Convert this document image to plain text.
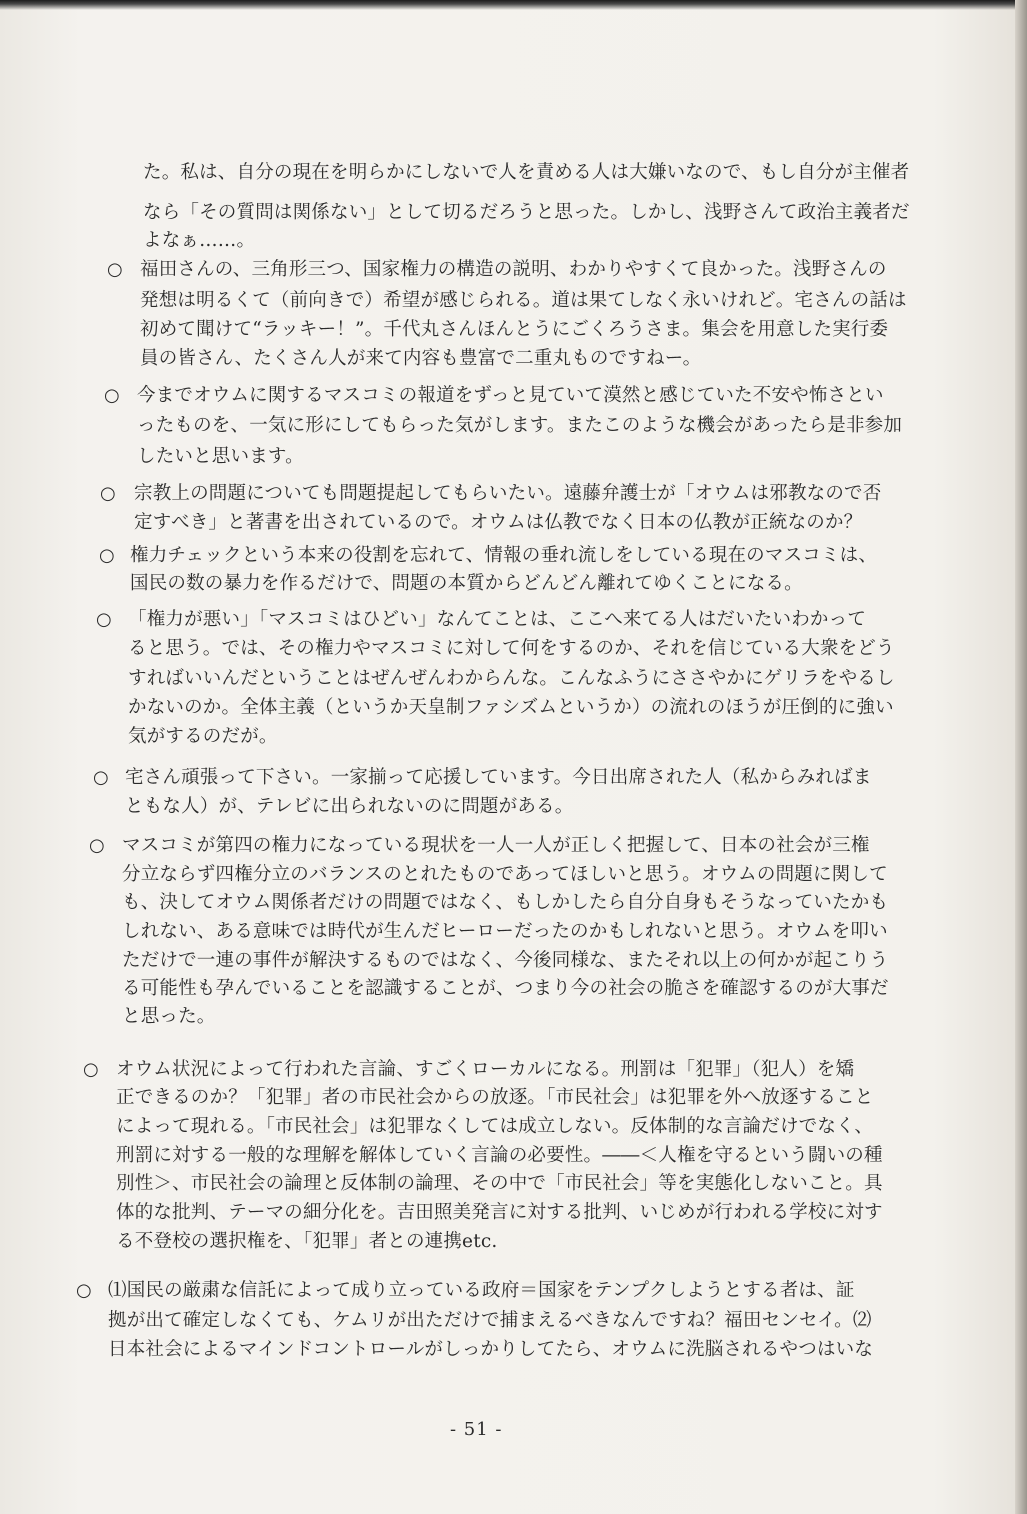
た。私は、自分の現在を明らかにしないで人を責める人は大嫌いなので、もし自分が主催者
なら「その質問は関係ない」として切るだろうと思った。しかし、浅野さんて政治主義者だ
よなぁ……。
○ 福田さんの、三角形三つ、国家権力の構造の説明、わかりやすくて良かった。浅野さんの
発想は明るくて（前向きで）希望が感じられる。道は果てしなく永いけれど。宅さんの話は
初めて聞けて“ラッキー！”。千代丸さんほんとうにごくろうさま。集会を用意した実行委
員の皆さん、たくさん人が来て内容も豊富で二重丸ものですねー。
○ 今までオウムに関するマスコミの報道をずっと見ていて漠然と感じていた不安や怖さとい
ったものを、一気に形にしてもらった気がします。またこのような機会があったら是非参加
したいと思います。
○ 宗教上の問題についても問題提起してもらいたい。遠藤弁護士が「オウムは邪教なので否
定すべき」と著書を出されているので。オウムは仏教でなく日本の仏教が正統なのか？
○ 権力チェックという本来の役割を忘れて、情報の垂れ流しをしている現在のマスコミは、
国民の数の暴力を作るだけで、問題の本質からどんどん離れてゆくことになる。
○ 「権力が悪い」「マスコミはひどい」なんてことは、ここへ来てる人はだいたいわかって
ると思う。では、その権力やマスコミに対して何をするのか、それを信じている大衆をどう
すればいいんだということはぜんぜんわからんな。こんなふうにささやかにゲリラをやるし
かないのか。全体主義（というか天皇制ファシズムというか）の流れのほうが圧倒的に強い
気がするのだが。
○ 宅さん頑張って下さい。一家揃って応援しています。今日出席された人（私からみればま
ともな人）が、テレビに出られないのに問題がある。
○ マスコミが第四の権力になっている現状を一人一人が正しく把握して、日本の社会が三権
分立ならず四権分立のバランスのとれたものであってほしいと思う。オウムの問題に関して
も、決してオウム関係者だけの問題ではなく、もしかしたら自分自身もそうなっていたかも
しれない、ある意味では時代が生んだヒーローだったのかもしれないと思う。オウムを叩い
ただけで一連の事件が解決するものではなく、今後同様な、またそれ以上の何かが起こりう
る可能性も孕んでいることを認識することが、つまり今の社会の脆さを確認するのが大事だ
と思った。
○ オウム状況によって行われた言論、すごくローカルになる。刑罰は「犯罪」（犯人）を矯
正できるのか？「犯罪」者の市民社会からの放逐。「市民社会」は犯罪を外へ放逐すること
によって現れる。「市民社会」は犯罪なくしては成立しない。反体制的な言論だけでなく、
刑罰に対する一般的な理解を解体していく言論の必要性。――＜人権を守るという闘いの種
別性＞、市民社会の論理と反体制の論理、その中で「市民社会」等を実態化しないこと。具
体的な批判、テーマの細分化を。吉田照美発言に対する批判、いじめが行われる学校に対す
る不登校の選択権を、「犯罪」者との連携etc.
○ ⑴国民の厳粛な信託によって成り立っている政府＝国家をテンプクしようとする者は、証
拠が出て確定しなくても、ケムリが出ただけで捕まえるべきなんですね？福田センセイ。⑵
日本社会によるマインドコントロールがしっかりしてたら、オウムに洗脳されるやつはいな
- 51 -
